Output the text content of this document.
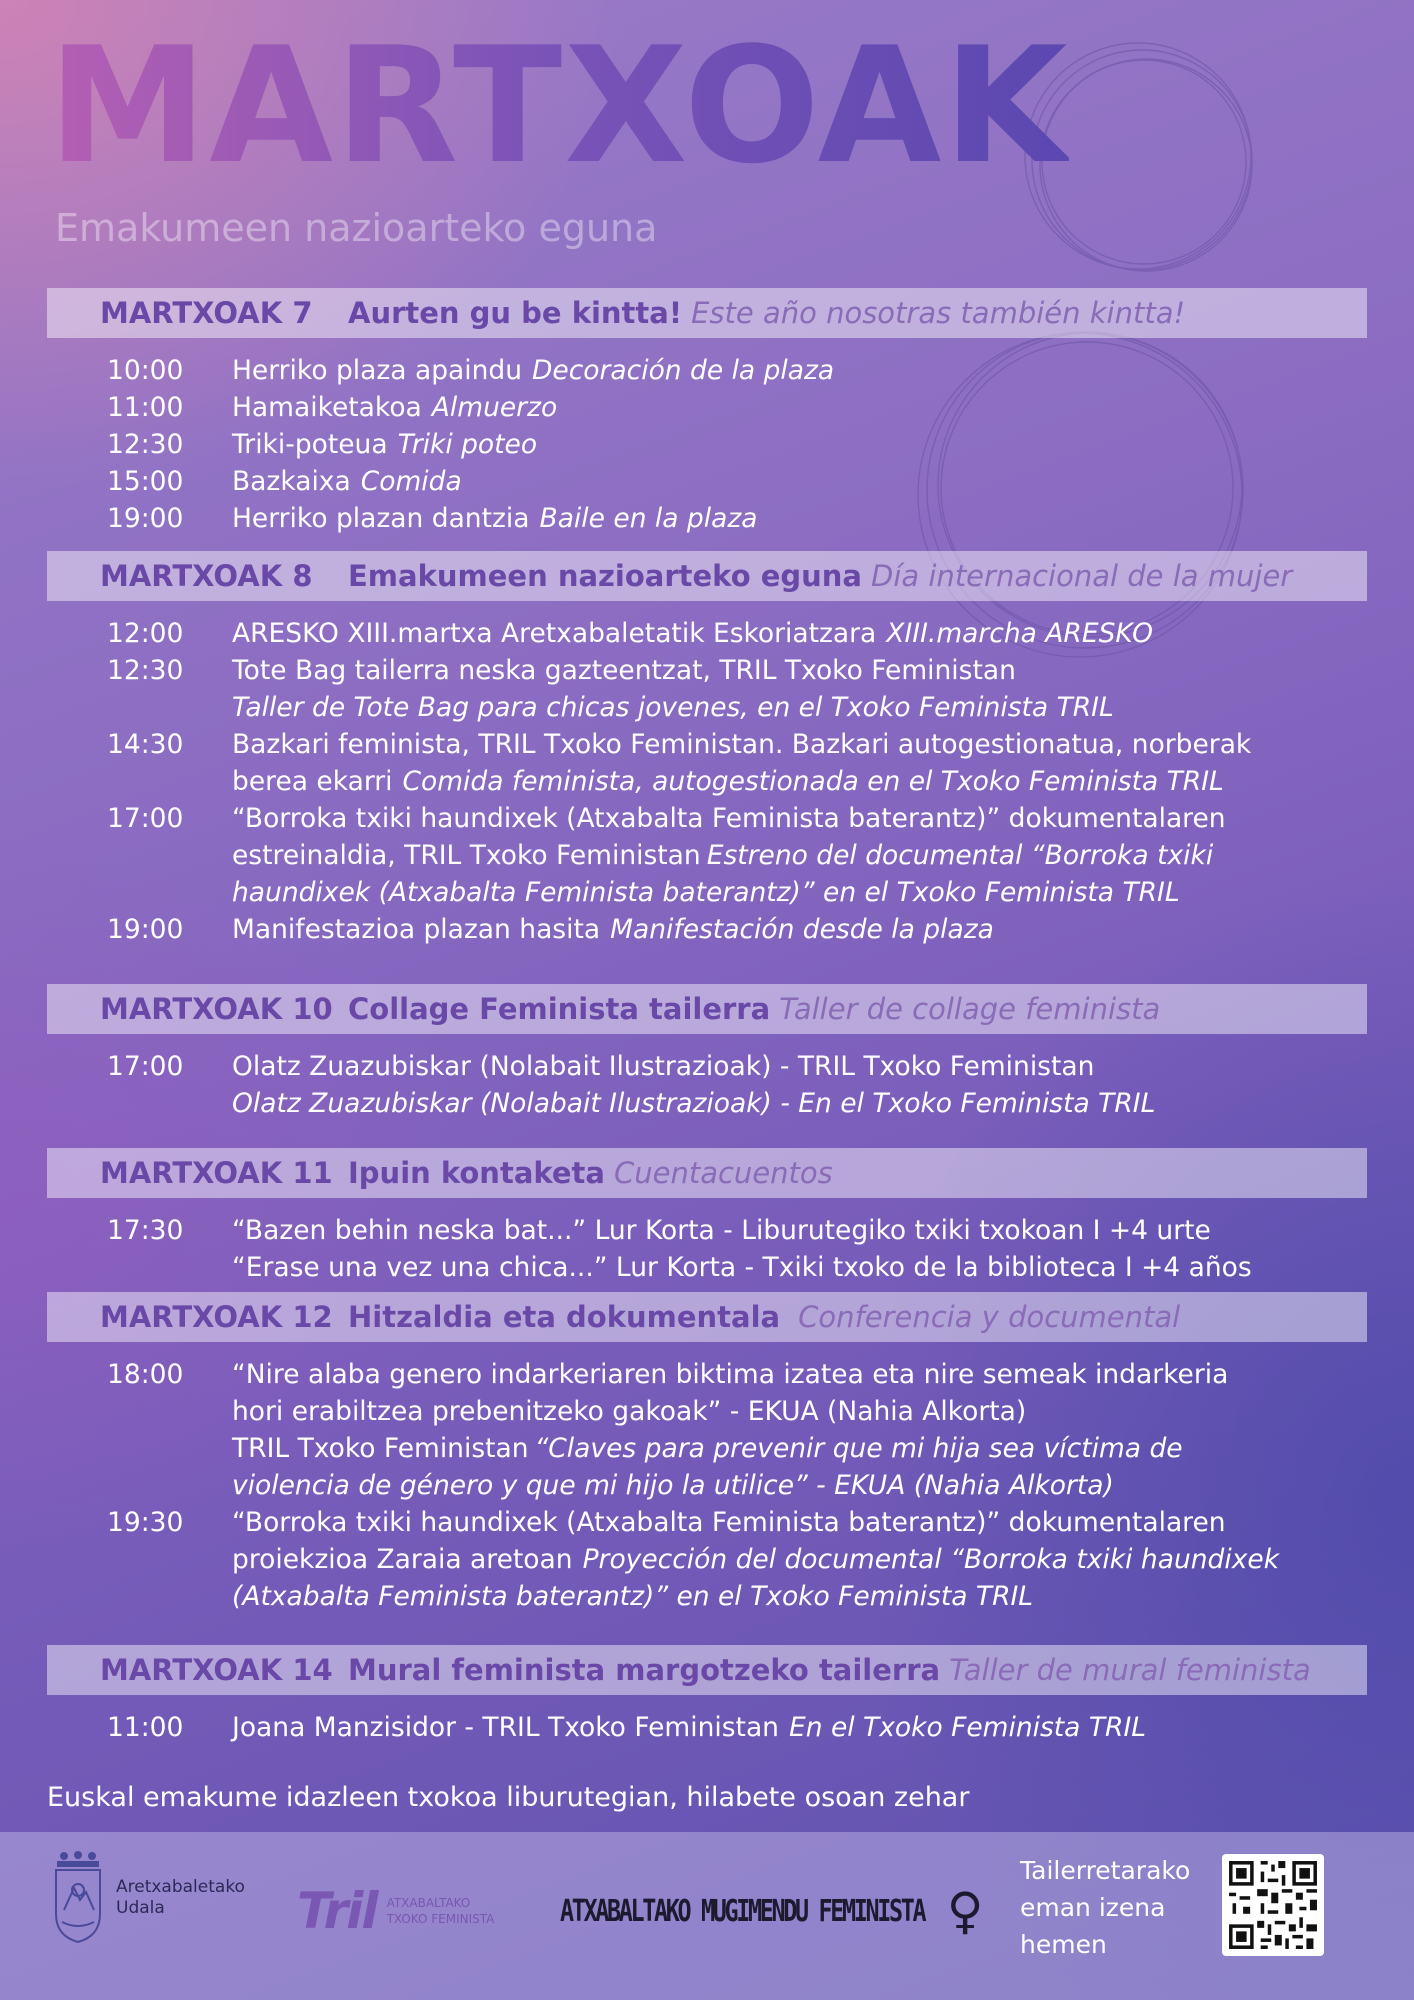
MARTXOAK
Emakumeen nazioarteko eguna
MARTXOAK 7	Aurten gu be kintta! Este año nosotras también kintta!
10:00	Herriko plaza apaindu Decoración de la plaza
11:00	Hamaiketakoa Almuerzo
12:30	Triki-poteua Triki poteo
15:00	Bazkaixa Comida
19:00	Herriko plazan dantzia Baile en la plaza
MARTXOAK 8	Emakumeen nazioarteko eguna Día internacional de la mujer
12:00	ARESKO XIII.martxa Aretxabaletatik Eskoriatzara XIII.marcha ARESKO
12:30	Tote Bag tailerra neska gazteentzat, TRIL Txoko Feministan
Taller de Tote Bag para chicas jovenes, en el Txoko Feminista TRIL
14:30	Bazkari feminista, TRIL Txoko Feministan. Bazkari autogestionatua, norberak
berea ekarri Comida feminista, autogestionada en el Txoko Feminista TRIL
17:00	“Borroka txiki haundixek (Atxabalta Feminista baterantz)” dokumentalaren
estreinaldia, TRIL Txoko Feministan Estreno del documental “Borroka txiki
haundixek (Atxabalta Feminista baterantz)” en el Txoko Feminista TRIL
19:00	Manifestazioa plazan hasita Manifestación desde la plaza
MARTXOAK 10 Collage Feminista tailerra Taller de collage feminista
17:00	Olatz Zuazubiskar (Nolabait Ilustrazioak) - TRIL Txoko Feministan
Olatz Zuazubiskar (Nolabait Ilustrazioak) - En el Txoko Feminista TRIL
MARTXOAK 11 Ipuin kontaketa Cuentacuentos
17:30	“Bazen behin neska bat...” Lur Korta - Liburutegiko txiki txokoan I +4 urte
“Erase una vez una chica...” Lur Korta - Txiki txoko de la biblioteca I +4 años
MARTXOAK 12 Hitzaldia eta dokumentala Conferencia y documental
18:00	“Nire alaba genero indarkeriaren biktima izatea eta nire semeak indarkeria
hori erabiltzea prebenitzeko gakoak” - EKUA (Nahia Alkorta)
TRIL Txoko Feministan “Claves para prevenir que mi hija sea víctima de
violencia de género y que mi hijo la utilice” - EKUA (Nahia Alkorta)
19:30	“Borroka txiki haundixek (Atxabalta Feminista baterantz)” dokumentalaren
proiekzioa Zaraia aretoan Proyección del documental “Borroka txiki haundixek
(Atxabalta Feminista baterantz)” en el Txoko Feminista TRIL
MARTXOAK 14 Mural feminista margotzeko tailerra Taller de mural feminista
11:00	Joana Manzisidor - TRIL Txoko Feministan En el Txoko Feminista TRIL
Euskal emakume idazleen txokoa liburutegian, hilabete osoan zehar
Aretxabaletako
Udala	Tril ATXABALTAKO
TXOKO FEMINISTA ATXABALTAKO MUGIMENDU FEMINISTA ♀
Tailerretarako
eman izena
hemen
